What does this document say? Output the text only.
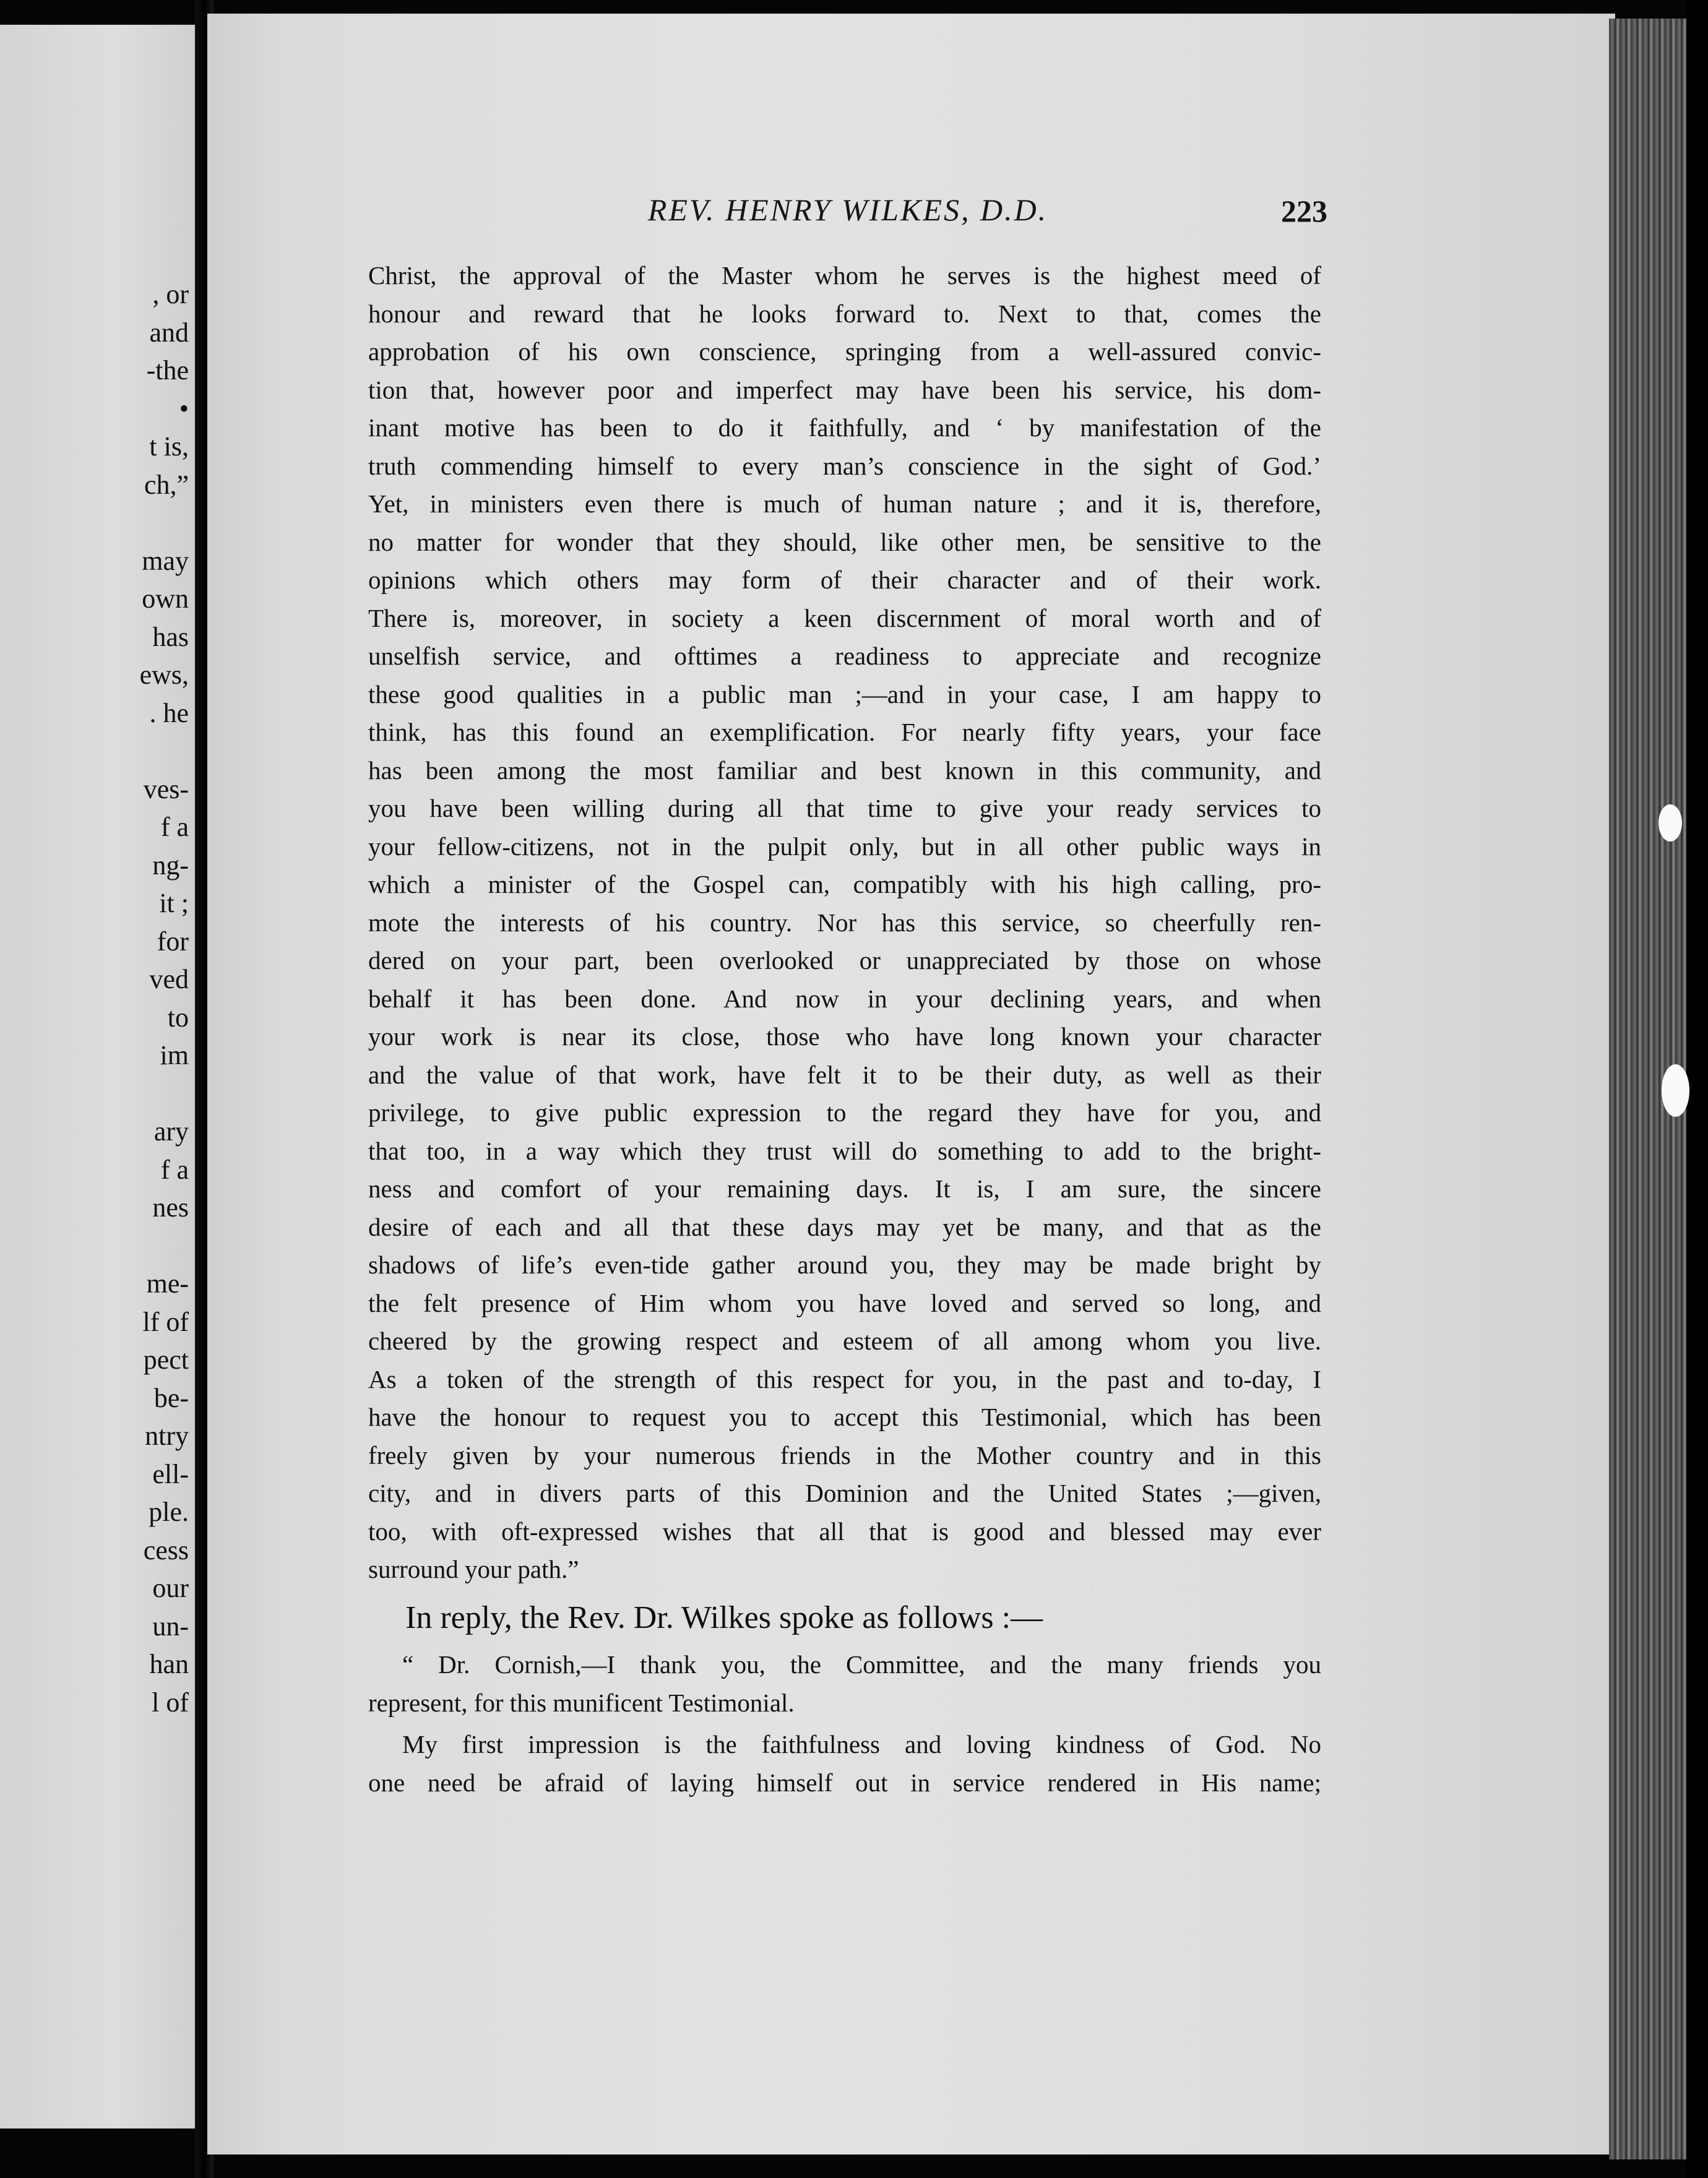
, or
and
-the
•
t is,
ch,”

may
own
has
ews,
. he

ves-
f a
ng-
it ;
for
ved
to
im

ary
f a
nes

me-
lf of
pect
be-
ntry
ell-
ple.
cess
our
un-
han
l of
REV. HENRY WILKES, D.D.	223
Christ, the approval of the Master whom he serves is the highest meed of
honour and reward that he looks forward to. Next to that, comes the
approbation of his own conscience, springing from a well-assured convic-
tion that, however poor and imperfect may have been his service, his dom-
inant motive has been to do it faithfully, and ‘ by manifestation of the
truth commending himself to every man’s conscience in the sight of God.’
Yet, in ministers even there is much of human nature ; and it is, therefore,
no matter for wonder that they should, like other men, be sensitive to the
opinions which others may form of their character and of their work.
There is, moreover, in society a keen discernment of moral worth and of
unselfish service, and ofttimes a readiness to appreciate and recognize
these good qualities in a public man ;—and in your case, I am happy to
think, has this found an exemplification. For nearly fifty years, your face
has been among the most familiar and best known in this community, and
you have been willing during all that time to give your ready services to
your fellow-citizens, not in the pulpit only, but in all other public ways in
which a minister of the Gospel can, compatibly with his high calling, pro-
mote the interests of his country. Nor has this service, so cheerfully ren-
dered on your part, been overlooked or unappreciated by those on whose
behalf it has been done. And now in your declining years, and when
your work is near its close, those who have long known your character
and the value of that work, have felt it to be their duty, as well as their
privilege, to give public expression to the regard they have for you, and
that too, in a way which they trust will do something to add to the bright-
ness and comfort of your remaining days. It is, I am sure, the sincere
desire of each and all that these days may yet be many, and that as the
shadows of life’s even-tide gather around you, they may be made bright by
the felt presence of Him whom you have loved and served so long, and
cheered by the growing respect and esteem of all among whom you live.
As a token of the strength of this respect for you, in the past and to-day, I
have the honour to request you to accept this Testimonial, which has been
freely given by your numerous friends in the Mother country and in this
city, and in divers parts of this Dominion and the United States ;—given,
too, with oft-expressed wishes that all that is good and blessed may ever
surround your path.”
In reply, the Rev. Dr. Wilkes spoke as follows :—
“ Dr. Cornish,—I thank you, the Committee, and the many friends you
represent, for this munificent Testimonial.
My first impression is the faithfulness and loving kindness of God. No
one need be afraid of laying himself out in service rendered in His name;
